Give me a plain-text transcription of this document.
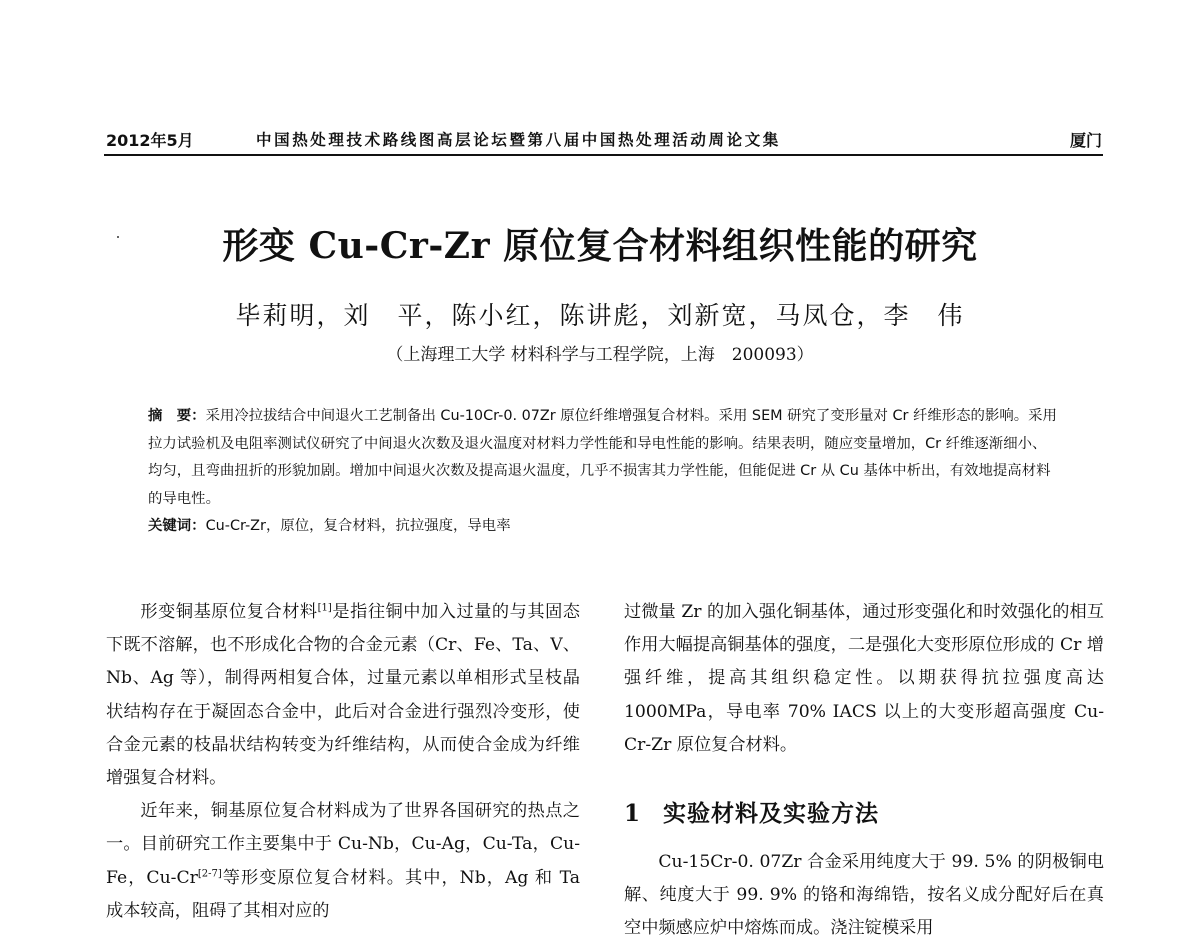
2012年5月	中国热处理技术路线图高层论坛暨第八届中国热处理活动周论文集	厦门
形变 Cu-Cr-Zr 原位复合材料组织性能的研究
毕莉明，刘　平，陈小红，陈讲彪，刘新宽，马凤仓，李　伟
（上海理工大学 材料科学与工程学院，上海　200093）
摘　要：采用冷拉拔结合中间退火工艺制备出 Cu-10Cr-0. 07Zr 原位纤维增强复合材料。采用 SEM 研究了变形量对 Cr 纤维形态的影响。采用拉力试验机及电阻率测试仪研究了中间退火次数及退火温度对材料力学性能和导电性能的影响。结果表明，随应变量增加，Cr 纤维逐渐细小、均匀，且弯曲扭折的形貌加剧。增加中间退火次数及提高退火温度，几乎不损害其力学性能，但能促进 Cr 从 Cu 基体中析出，有效地提高材料的导电性。
关键词：Cu-Cr-Zr，原位，复合材料，抗拉强度，导电率

形变铜基原位复合材料[1]是指往铜中加入过量的与其固态下既不溶解，也不形成化合物的合金元素（Cr、Fe、Ta、V、Nb、Ag 等），制得两相复合体，过量元素以单相形式呈枝晶状结构存在于凝固态合金中，此后对合金进行强烈冷变形，使合金元素的枝晶状结构转变为纤维结构，从而使合金成为纤维增强复合材料。

近年来，铜基原位复合材料成为了世界各国研究的热点之一。目前研究工作主要集中于 Cu-Nb，Cu-Ag，Cu-Ta，Cu-Fe，Cu-Cr[2-7]等形变原位复合材料。其中，Nb，Ag 和 Ta 成本较高，阻碍了其相对应的

过微量 Zr 的加入强化铜基体，通过形变强化和时效强化的相互作用大幅提高铜基体的强度，二是强化大变形原位形成的 Cr 增强纤维，提高其组织稳定性。以期获得抗拉强度高达 1000MPa，导电率 70% IACS 以上的大变形超高强度 Cu-Cr-Zr 原位复合材料。

1 实验材料及实验方法

Cu-15Cr-0. 07Zr 合金采用纯度大于 99. 5% 的阴极铜电解、纯度大于 99. 9% 的铬和海绵锆，按名义成分配好后在真空中频感应炉中熔炼而成。浇注锭模采用
